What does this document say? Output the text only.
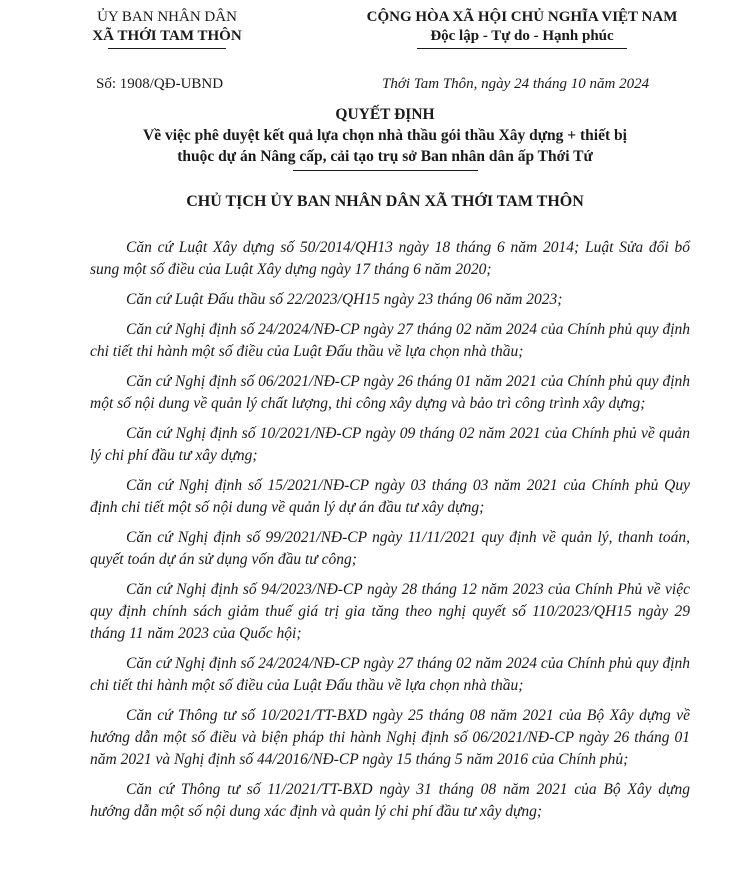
ỦY BAN NHÂN DÂN
XÃ THỚI TAM THÔN
CỘNG HÒA XÃ HỘI CHỦ NGHĨA VIỆT NAM
Độc lập - Tự do - Hạnh phúc
Số: 1908/QĐ-UBND	Thới Tam Thôn, ngày 24 tháng 10 năm 2024
QUYẾT ĐỊNH
Về việc phê duyệt kết quả lựa chọn nhà thầu gói thầu Xây dựng + thiết bị
thuộc dự án Nâng cấp, cải tạo trụ sở Ban nhân dân ấp Thới Tứ
CHỦ TỊCH ỦY BAN NHÂN DÂN XÃ THỚI TAM THÔN

Căn cứ Luật Xây dựng số 50/2014/QH13 ngày 18 tháng 6 năm 2014; Luật Sửa đổi bổ sung một số điều của Luật Xây dựng ngày 17 tháng 6 năm 2020;

Căn cứ Luật Đấu thầu số 22/2023/QH15 ngày 23 tháng 06 năm 2023;

Căn cứ Nghị định số 24/2024/NĐ-CP ngày 27 tháng 02 năm 2024 của Chính phủ quy định chi tiết thi hành một số điều của Luật Đấu thầu về lựa chọn nhà thầu;

Căn cứ Nghị định số 06/2021/NĐ-CP ngày 26 tháng 01 năm 2021 của Chính phủ quy định một số nội dung về quản lý chất lượng, thi công xây dựng và bảo trì công trình xây dựng;

Căn cứ Nghị định số 10/2021/NĐ-CP ngày 09 tháng 02 năm 2021 của Chính phủ về quản lý chi phí đầu tư xây dựng;

Căn cứ Nghị định số 15/2021/NĐ-CP ngày 03 tháng 03 năm 2021 của Chính phủ Quy định chi tiết một số nội dung về quản lý dự án đầu tư xây dựng;

Căn cứ Nghị định số 99/2021/NĐ-CP ngày 11/11/2021 quy định về quản lý, thanh toán, quyết toán dự án sử dụng vốn đầu tư công;

Căn cứ Nghị định số 94/2023/NĐ-CP ngày 28 tháng 12 năm 2023 của Chính Phủ về việc quy định chính sách giảm thuế giá trị gia tăng theo nghị quyết số 110/2023/QH15 ngày 29 tháng 11 năm 2023 của Quốc hội;

Căn cứ Nghị định số 24/2024/NĐ-CP ngày 27 tháng 02 năm 2024 của Chính phủ quy định chi tiết thi hành một số điều của Luật Đấu thầu về lựa chọn nhà thầu;

Căn cứ Thông tư số 10/2021/TT-BXD ngày 25 tháng 08 năm 2021 của Bộ Xây dựng về hướng dẫn một số điều và biện pháp thi hành Nghị định số 06/2021/NĐ-CP ngày 26 tháng 01 năm 2021 và Nghị định số 44/2016/NĐ-CP ngày 15 tháng 5 năm 2016 của Chính phủ;

Căn cứ Thông tư số 11/2021/TT-BXD ngày 31 tháng 08 năm 2021 của Bộ Xây dựng hướng dẫn một số nội dung xác định và quản lý chi phí đầu tư xây dựng;
